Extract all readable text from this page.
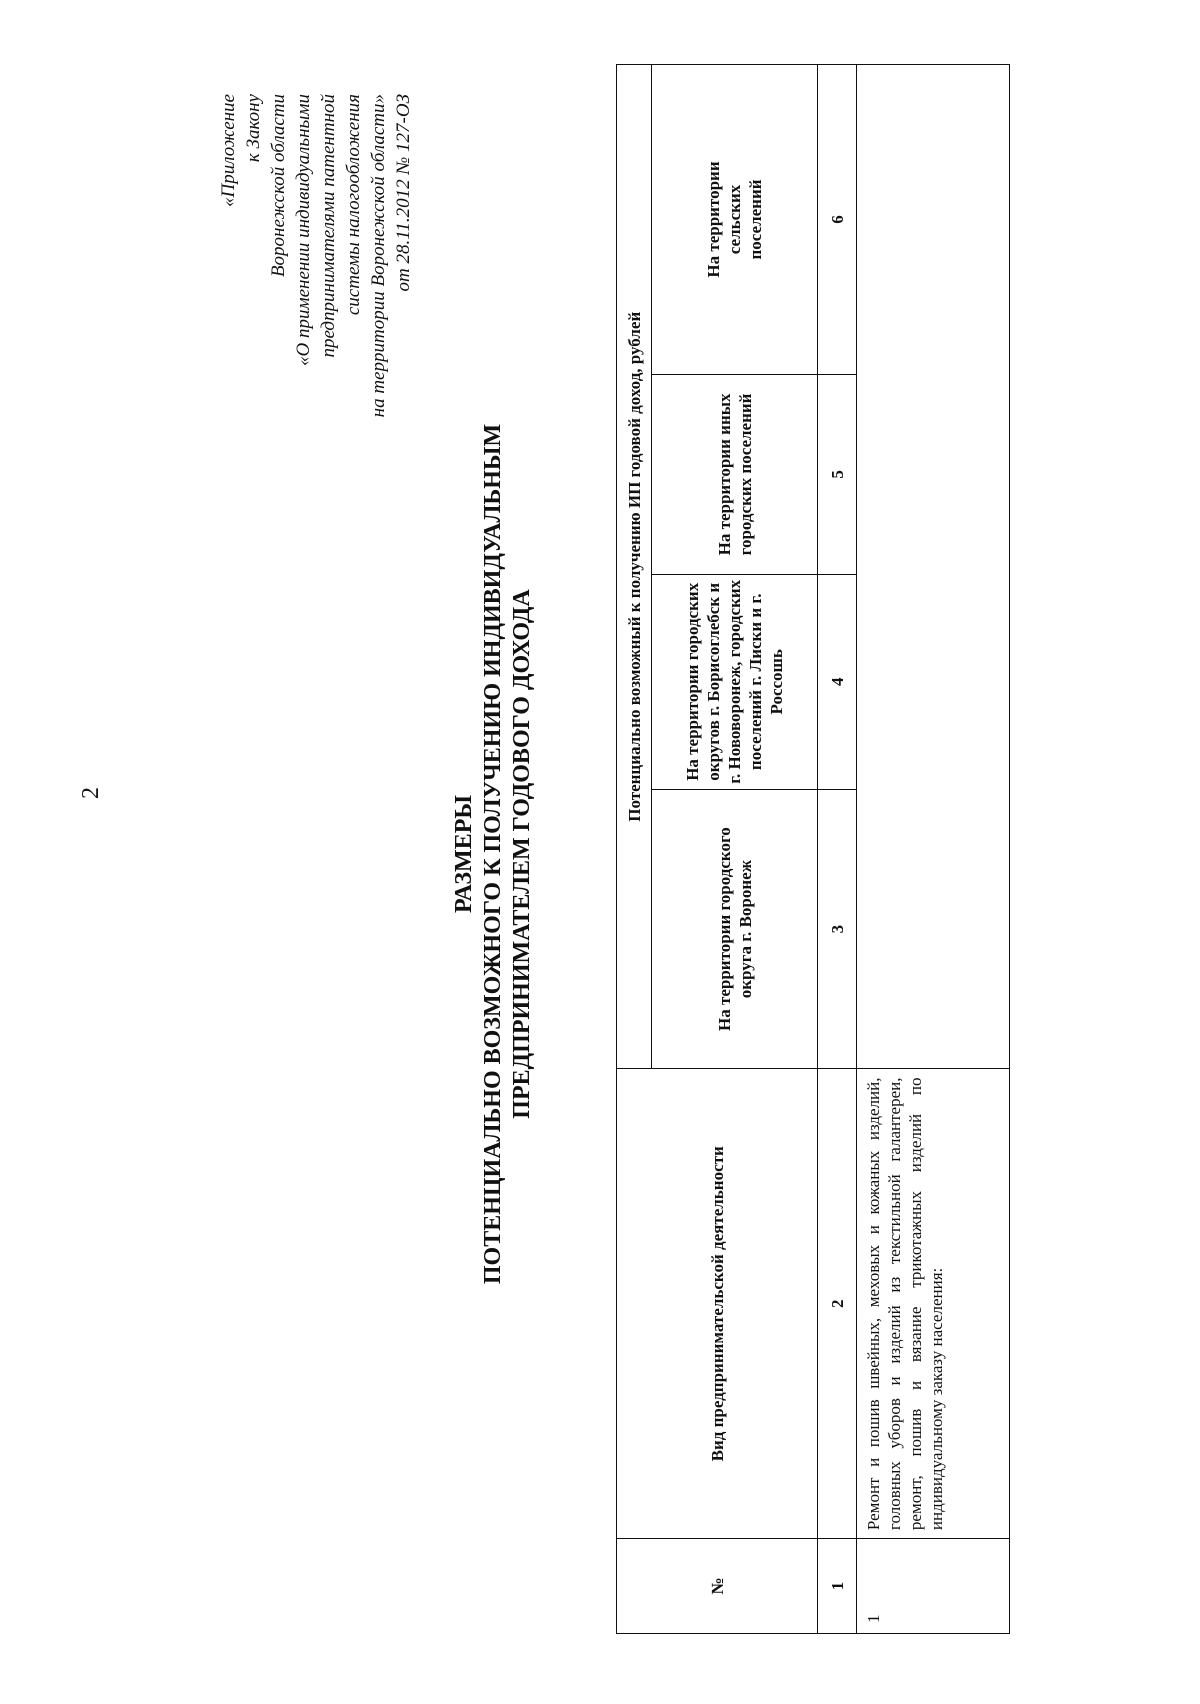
2
«Приложение к Закону Воронежской области «О применении индивидуальными предпринимателями патентной системы налогообложения на территории Воронежской области» от 28.11.2012 № 127-ОЗ
РАЗМЕРЫ ПОТЕНЦИАЛЬНО ВОЗМОЖНОГО К ПОЛУЧЕНИЮ ИНДИВИДУАЛЬНЫМ ПРЕДПРИНИМАТЕЛЕМ ГОДОВОГО ДОХОДА
№	Вид предпринимательской деятельности	Потенциально возможный к получению ИП годовой доход, рублей			
		На территории городского округа г. Воронеж	На территории городских округов г. Борисоглебск и г. Нововоронеж, городских поселений г. Лиски и г. Россошь	На территории иных городских поселений	На территории сельских поселений
1	2	3	4	5	6
1	Ремонт и пошив швейных, меховых и кожаных изделий, головных уборов и изделий из текстильной галантереи, ремонт, пошив и вязание трикотажных изделий по индивидуальному заказу населения:				
